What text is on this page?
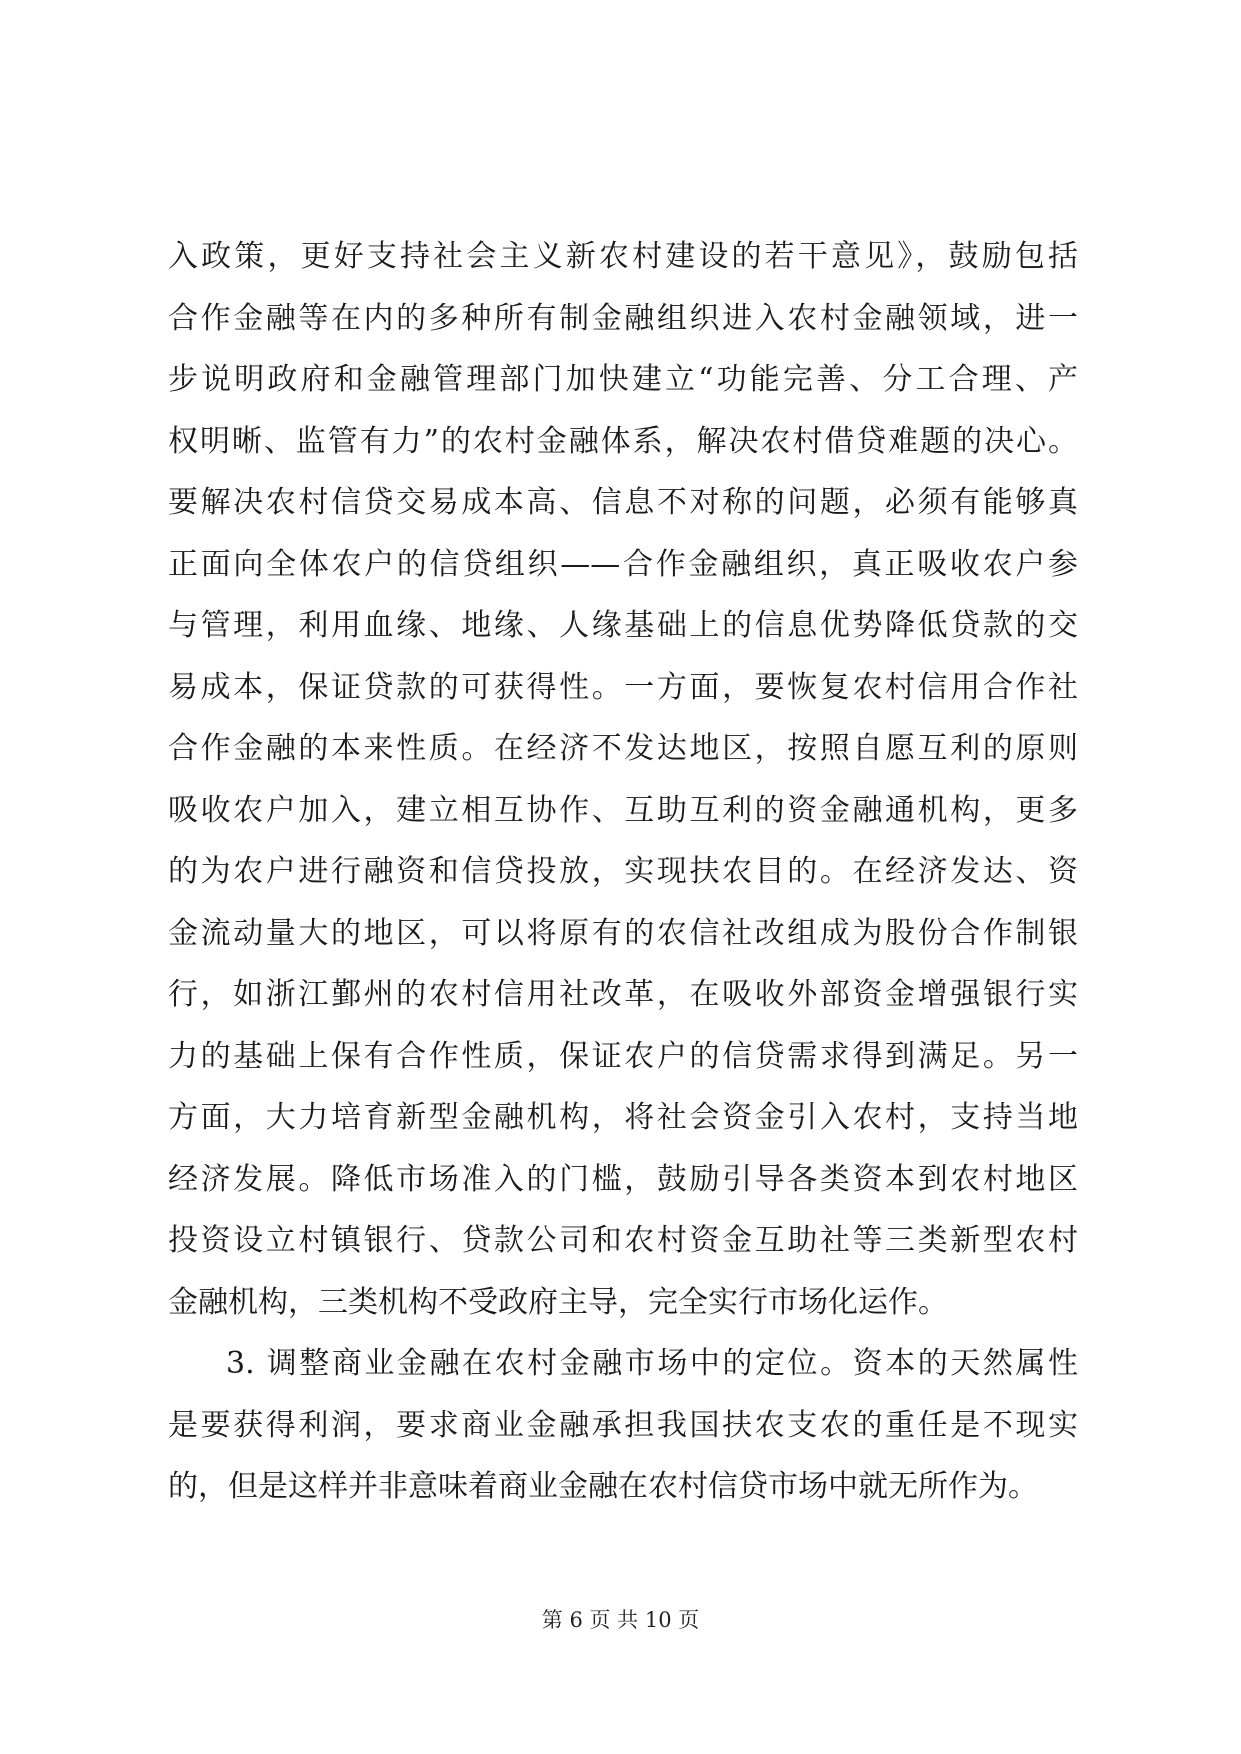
入政策，更好支持社会主义新农村建设的若干意见》，鼓励包括
合作金融等在内的多种所有制金融组织进入农村金融领域，进一
步说明政府和金融管理部门加快建立“功能完善、分工合理、产
权明晰、监管有力”的农村金融体系，解决农村借贷难题的决心。
要解决农村信贷交易成本高、信息不对称的问题，必须有能够真
正面向全体农户的信贷组织——合作金融组织，真正吸收农户参
与管理，利用血缘、地缘、人缘基础上的信息优势降低贷款的交
易成本，保证贷款的可获得性。一方面，要恢复农村信用合作社
合作金融的本来性质。在经济不发达地区，按照自愿互利的原则
吸收农户加入，建立相互协作、互助互利的资金融通机构，更多
的为农户进行融资和信贷投放，实现扶农目的。在经济发达、资
金流动量大的地区，可以将原有的农信社改组成为股份合作制银
行，如浙江鄞州的农村信用社改革，在吸收外部资金增强银行实
力的基础上保有合作性质，保证农户的信贷需求得到满足。另一
方面，大力培育新型金融机构，将社会资金引入农村，支持当地
经济发展。降低市场准入的门槛，鼓励引导各类资本到农村地区
投资设立村镇银行、贷款公司和农村资金互助社等三类新型农村
金融机构，三类机构不受政府主导，完全实行市场化运作。
3. 调整商业金融在农村金融市场中的定位。资本的天然属性
是要获得利润，要求商业金融承担我国扶农支农的重任是不现实
的，但是这样并非意味着商业金融在农村信贷市场中就无所作为。
第 6 页 共 10 页
